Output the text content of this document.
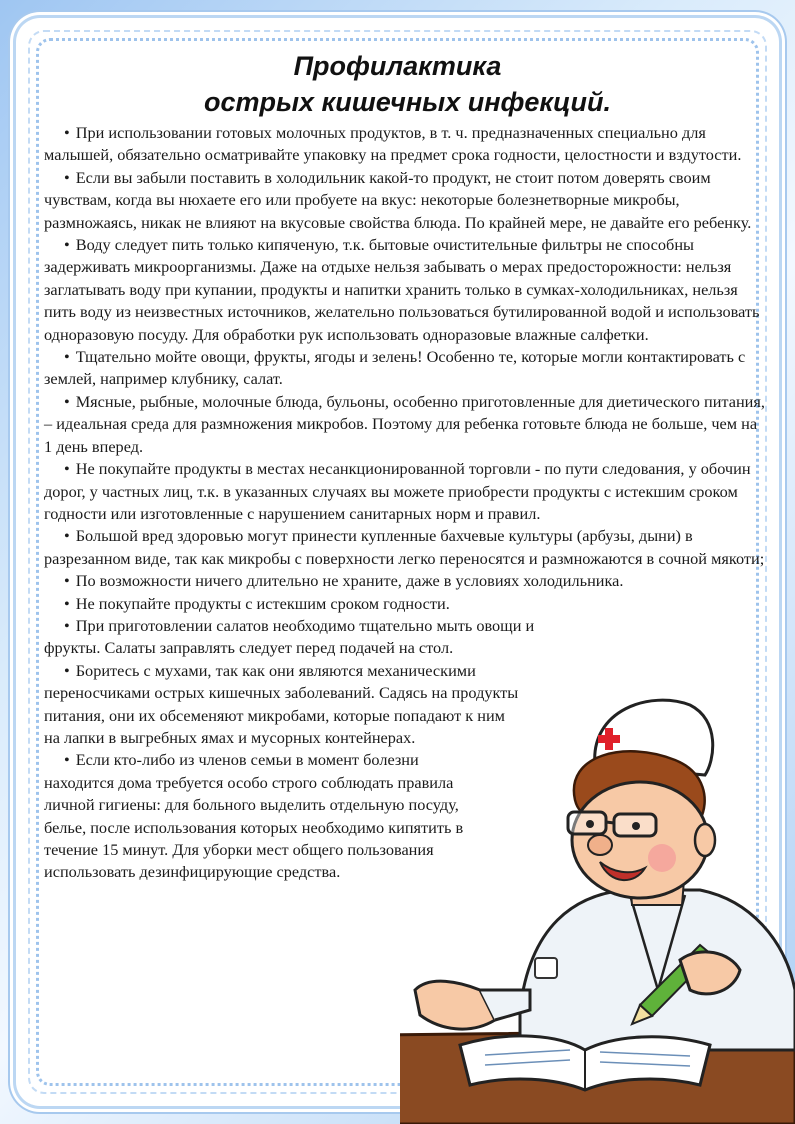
Профилактика
острых кишечных инфекций.

• При использовании готовых молочных продуктов, в т. ч. предназначенных специально для малышей, обязательно осматривайте упаковку на предмет срока годности, целостности и вздутости.

• Если вы забыли поставить в холодильник какой-то продукт, не стоит потом доверять своим чувствам, когда вы нюхаете его или пробуете на вкус: некоторые болезнетворные микробы, размножаясь, никак не влияют на вкусовые свойства блюда. По крайней мере, не давайте его ребенку.

• Воду следует пить только кипяченую, т.к. бытовые очистительные фильтры не способны задерживать микроорганизмы. Даже на отдыхе нельзя забывать о мерах предосторожности: нельзя заглатывать воду при купании, продукты и напитки хранить только в сумках-холодильниках, нельзя пить воду из неизвестных источников, желательно пользоваться бутилированной водой и использовать одноразовую посуду. Для обработки рук использовать одноразовые влажные салфетки.

• Тщательно мойте овощи, фрукты, ягоды и зелень! Особенно те, которые могли контактировать с землей, например клубнику, салат.

• Мясные, рыбные, молочные блюда, бульоны, особенно приготовленные для диетического питания, – идеальная среда для размножения микробов. Поэтому для ребенка готовьте блюда не больше, чем на 1 день вперед.

• Не покупайте продукты в местах несанкционированной торговли - по пути следования, у обочин дорог, у частных лиц, т.к. в указанных случаях вы можете приобрести продукты с истекшим сроком годности или изготовленные с нарушением санитарных норм и правил.

• Большой вред здоровью могут принести купленные бахчевые культуры (арбузы, дыни) в разрезанном виде, так как микробы с поверхности легко переносятся и размножаются в сочной мякоти;

• По возможности ничего длительно не храните, даже в условиях холодильника.

• Не покупайте продукты с истекшим сроком годности.

• При приготовлении салатов необходимо тщательно мыть овощи и фрукты. Салаты заправлять следует перед подачей на стол.

• Боритесь с мухами, так как они являются механическими переносчиками острых кишечных заболеваний. Садясь на продукты питания, они их обсеменяют микробами, которые попадают к ним на лапки в выгребных ямах и мусорных контейнерах.

• Если кто-либо из членов семьи в момент болезни находится дома требуется особо строго соблюдать правила личной гигиены: для больного выделить отдельную посуду, белье, после использования которых необходимо кипятить в течение 15 минут. Для уборки мест общего пользования использовать дезинфицирующие средства.
